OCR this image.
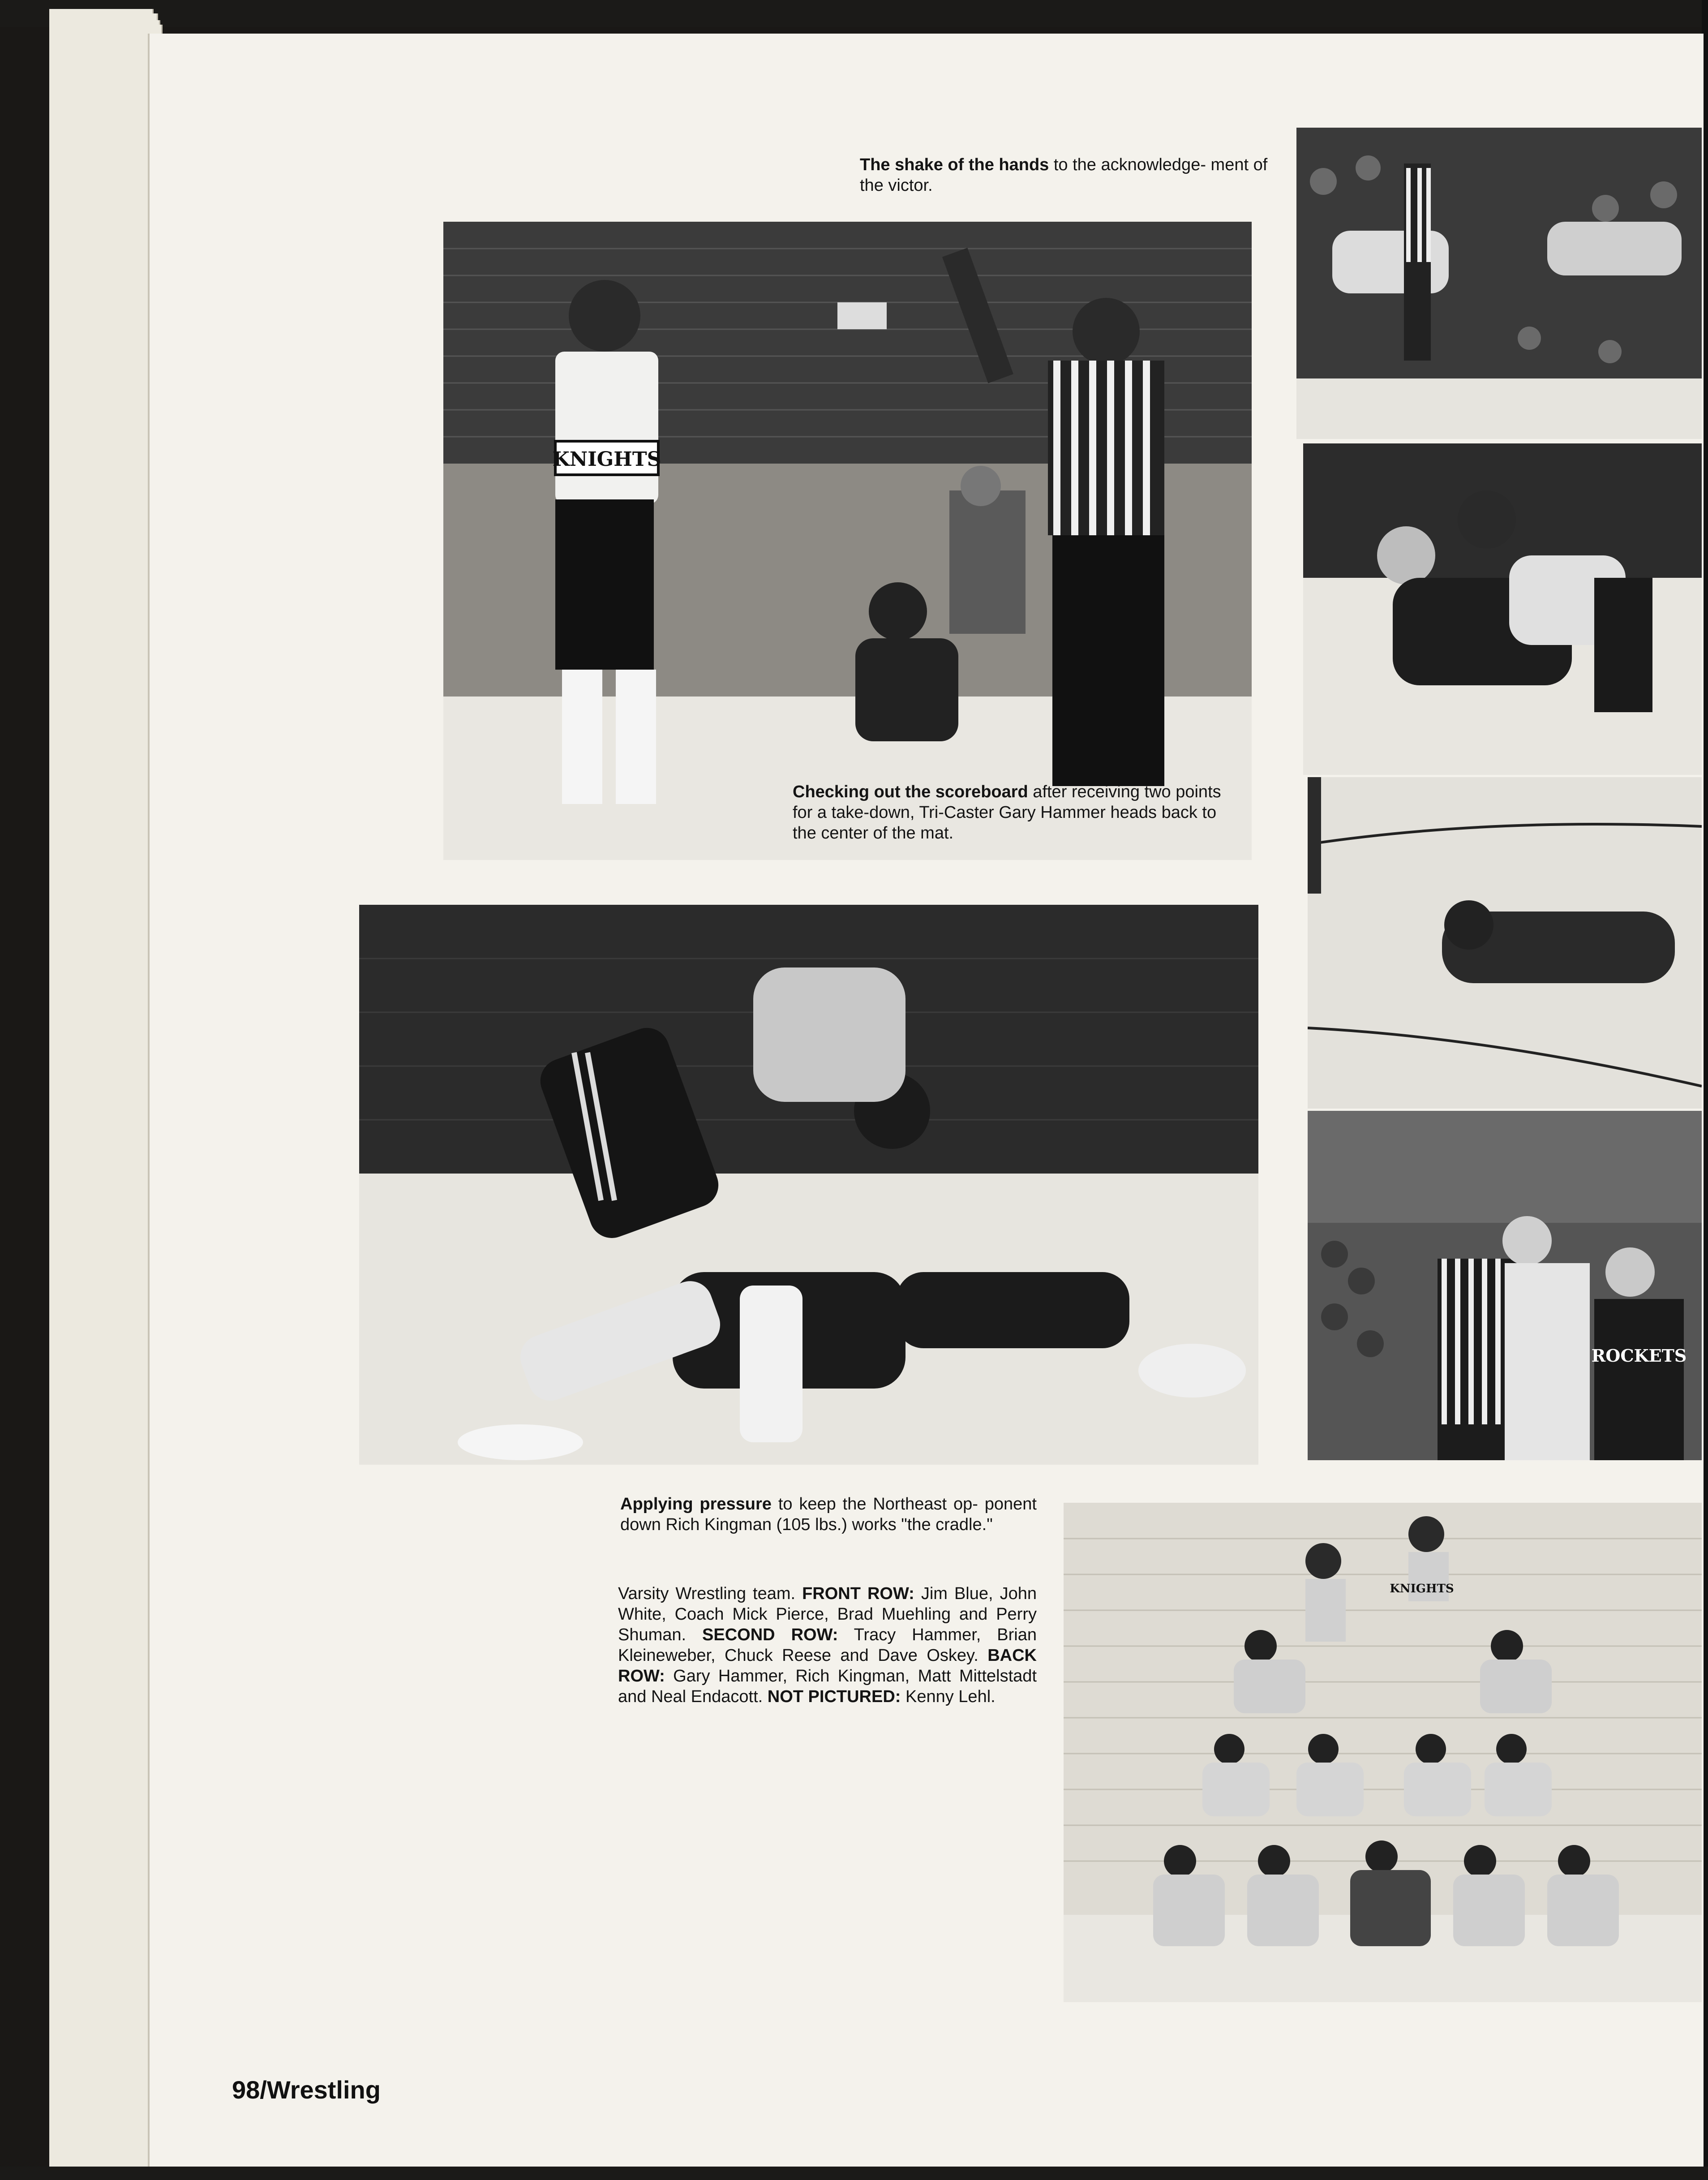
KNIGHTS
ROCKETS
KNIGHTS
The shake of the hands to the acknowledge- ment of the victor.
Checking out the scoreboard after receiving two points for a take-down, Tri-Caster Gary Hammer heads back to the center of the mat.
Applying pressure to keep the Northeast op- ponent down Rich Kingman (105 lbs.) works "the cradle."
Varsity Wrestling team. FRONT ROW: Jim Blue, John White, Coach Mick Pierce, Brad Muehling and Perry Shuman. SECOND ROW: Tracy Hammer, Brian Kleineweber, Chuck Reese and Dave Oskey. BACK ROW: Gary Hammer, Rich Kingman, Matt Mittelstadt and Neal Endacott. NOT PICTURED: Kenny Lehl.
98/Wrestling
